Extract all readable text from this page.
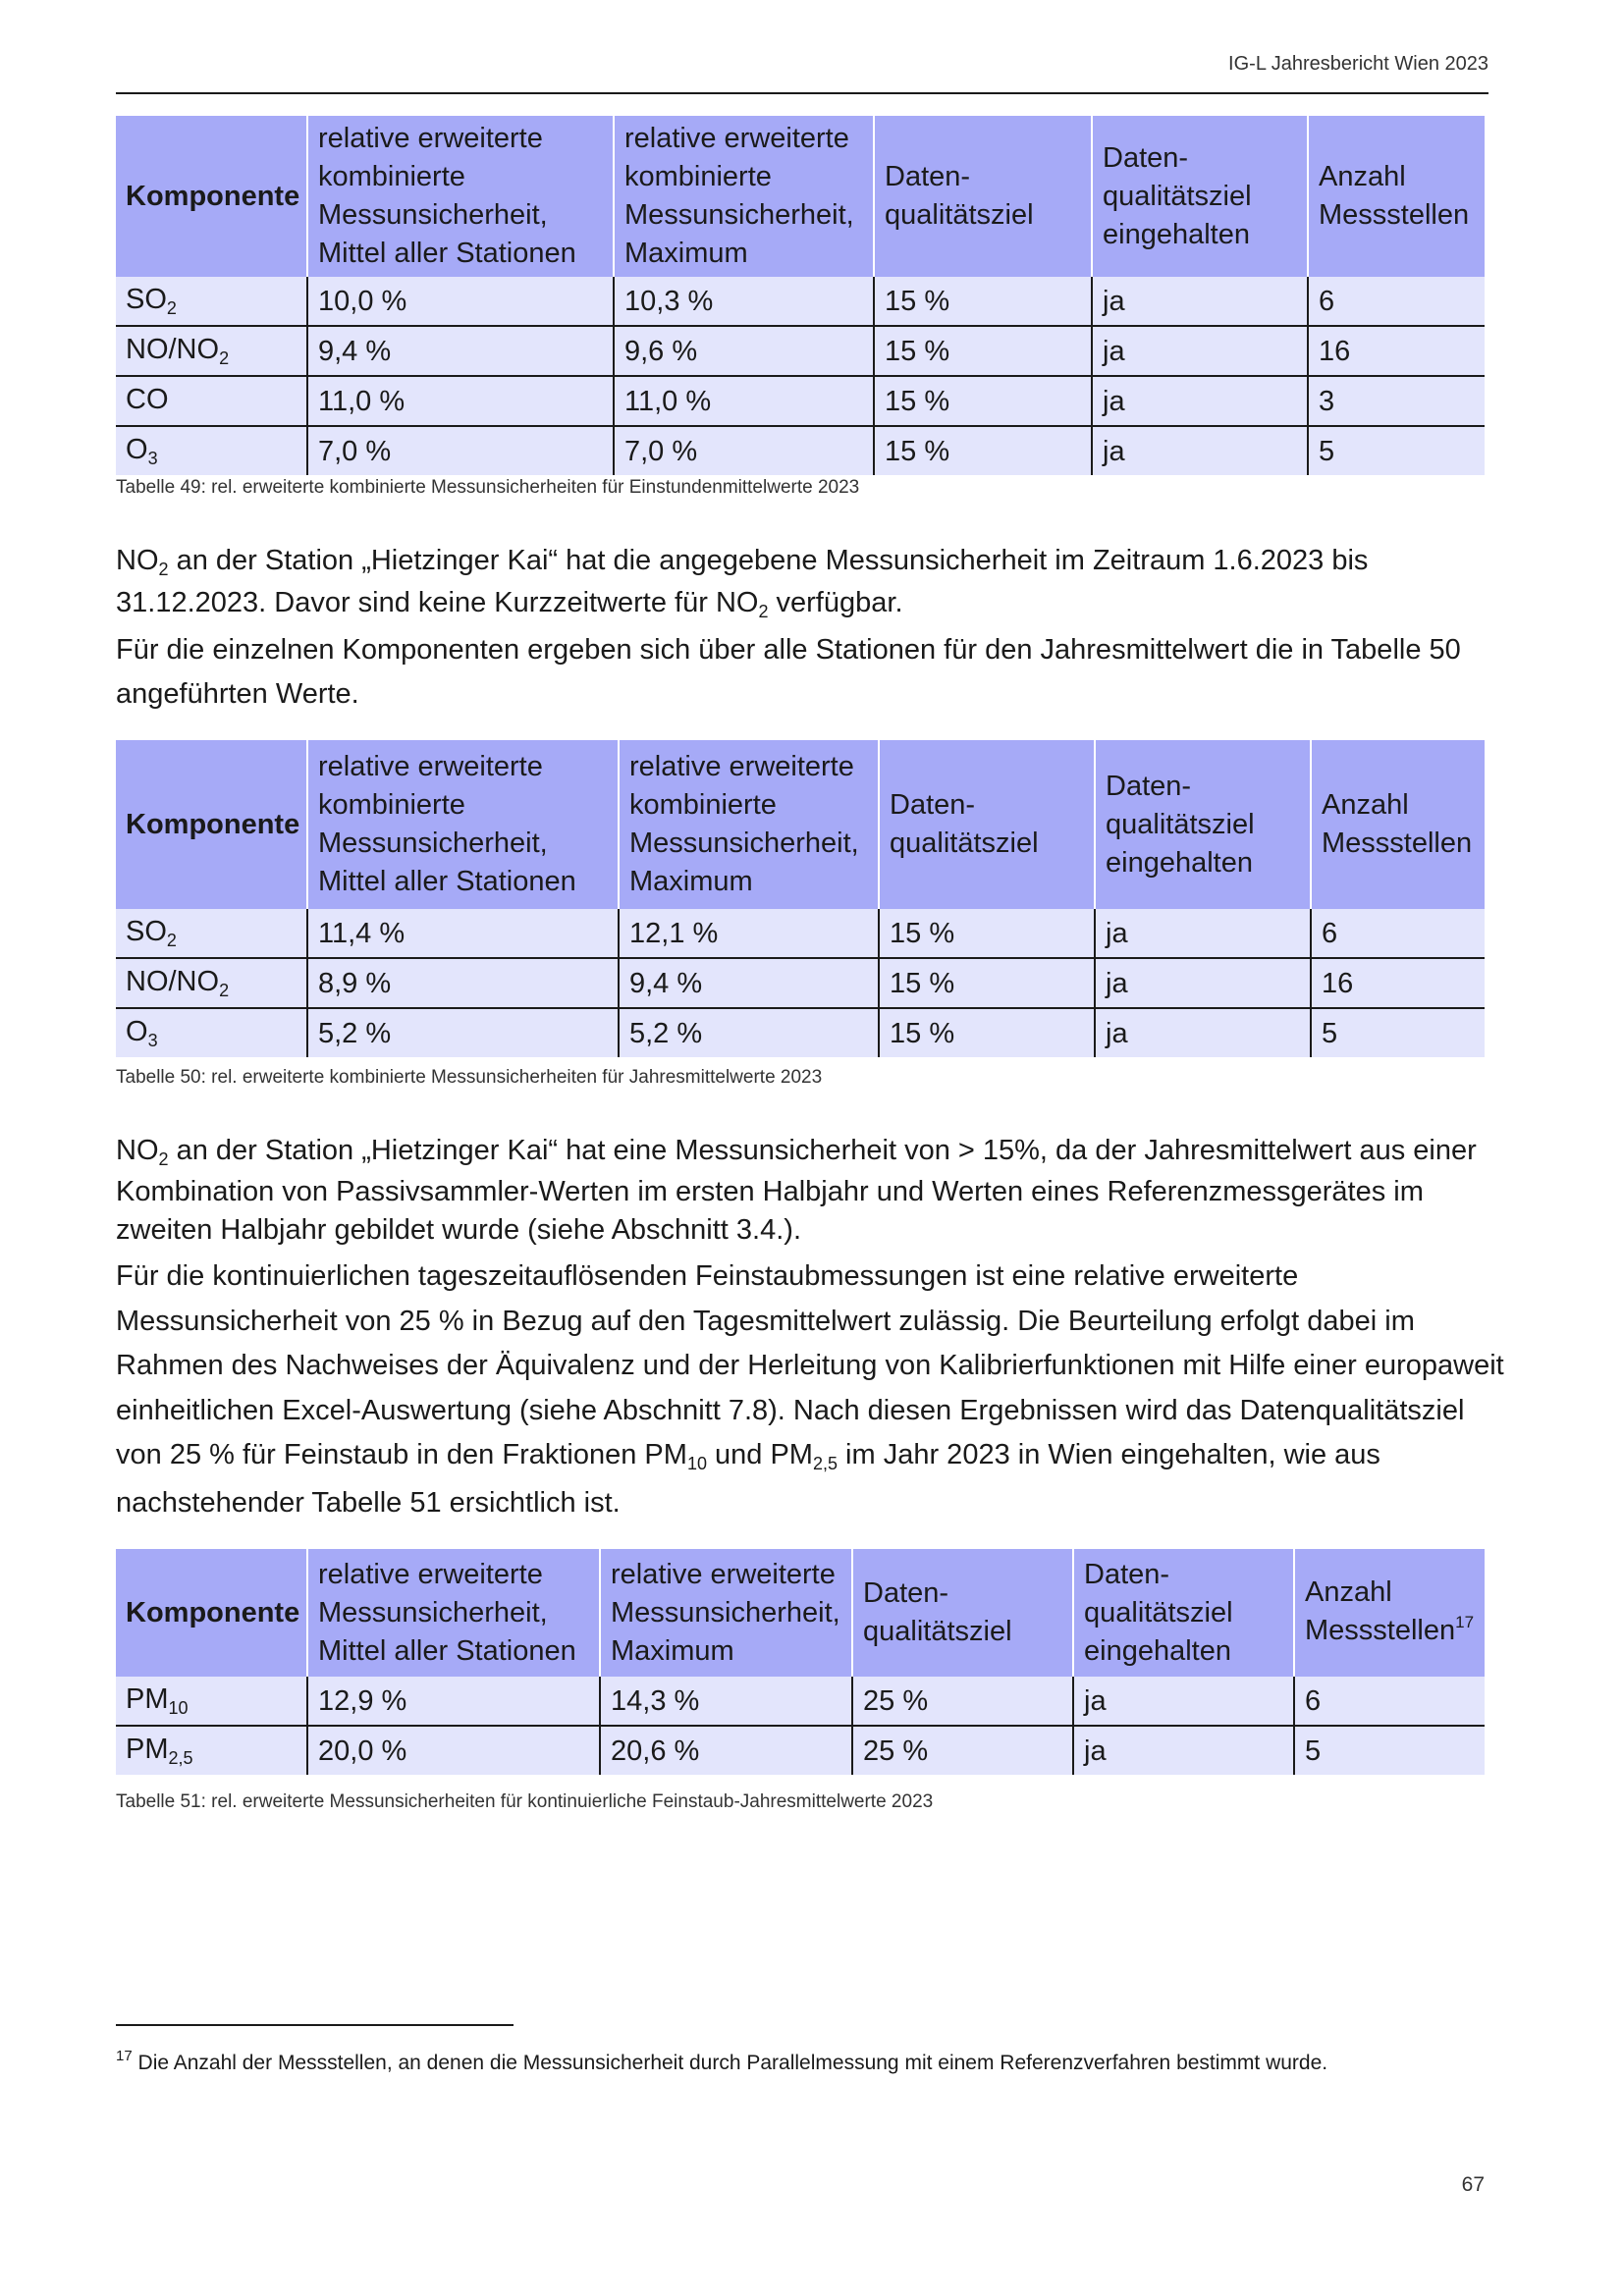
IG-L Jahresbericht Wien 2023
Komponente	relative erweiterte kombinierte Messunsicherheit, Mittel aller Stationen	relative erweiterte kombinierte Messunsicherheit, Maximum	Daten-qualitätsziel	Daten-qualitätsziel eingehalten	Anzahl Messstellen
$SO_2$	10,0 %	10,3 %	15 %	ja	6
$NO/NO_2$	9,4 %	9,6 %	15 %	ja	16
CO	11,0 %	11,0 %	15 %	ja	3
$O_3$	7,0 %	7,0 %	15 %	ja	5
Tabelle 49: rel. erweiterte kombinierte Messunsicherheiten für Einstundenmittelwerte 2023

$NO_2$ an der Station „Hietzinger Kai“ hat die angegebene Messunsicherheit im Zeitraum 1.6.2023 bis 31.12.2023. Davor sind keine Kurzzeitwerte für $NO_2$ verfügbar.

Für die einzelnen Komponenten ergeben sich über alle Stationen für den Jahresmittelwert die in Tabelle 50 angeführten Werte.

Komponente	relative erweiterte kombinierte Messunsicherheit, Mittel aller Stationen	relative erweiterte kombinierte Messunsicherheit, Maximum	Daten-qualitätsziel	Daten-qualitätsziel eingehalten	Anzahl Messstellen
$SO_2$	11,4 %	12,1 %	15 %	ja	6
$NO/NO_2$	8,9 %	9,4 %	15 %	ja	16
$O_3$	5,2 %	5,2 %	15 %	ja	5
Tabelle 50: rel. erweiterte kombinierte Messunsicherheiten für Jahresmittelwerte 2023

$NO_2$ an der Station „Hietzinger Kai“ hat eine Messunsicherheit von > 15%, da der Jahresmittelwert aus einer Kombination von Passivsammler-Werten im ersten Halbjahr und Werten eines Referenzmessgerätes im zweiten Halbjahr gebildet wurde (siehe Abschnitt 3.4.).

Für die kontinuierlichen tageszeitauflösenden Feinstaubmessungen ist eine relative erweiterte Messunsicherheit von 25 % in Bezug auf den Tagesmittelwert zulässig. Die Beurteilung erfolgt dabei im Rahmen des Nachweises der Äquivalenz und der Herleitung von Kalibrierfunktionen mit Hilfe einer europaweit einheitlichen Excel-Auswertung (siehe Abschnitt 7.8). Nach diesen Ergebnissen wird das Datenqualitätsziel von 25 % für Feinstaub in den Fraktionen $PM_{10}$ und $PM_{2,5}$ im Jahr 2023 in Wien eingehalten, wie aus nachstehender Tabelle 51 ersichtlich ist.

Komponente	relative erweiterte Messunsicherheit, Mittel aller Stationen	relative erweiterte Messunsicherheit, Maximum	Daten-qualitätsziel	Daten-qualitätsziel eingehalten	Anzahl Messstellen$^{17}$
$PM_{10}$	12,9 %	14,3 %	25 %	ja	6
$PM_{2,5}$	20,0 %	20,6 %	25 %	ja	5
Tabelle 51: rel. erweiterte Messunsicherheiten für kontinuierliche Feinstaub-Jahresmittelwerte 2023
$^{17}$ Die Anzahl der Messstellen, an denen die Messunsicherheit durch Parallelmessung mit einem Referenzverfahren bestimmt wurde.
67
